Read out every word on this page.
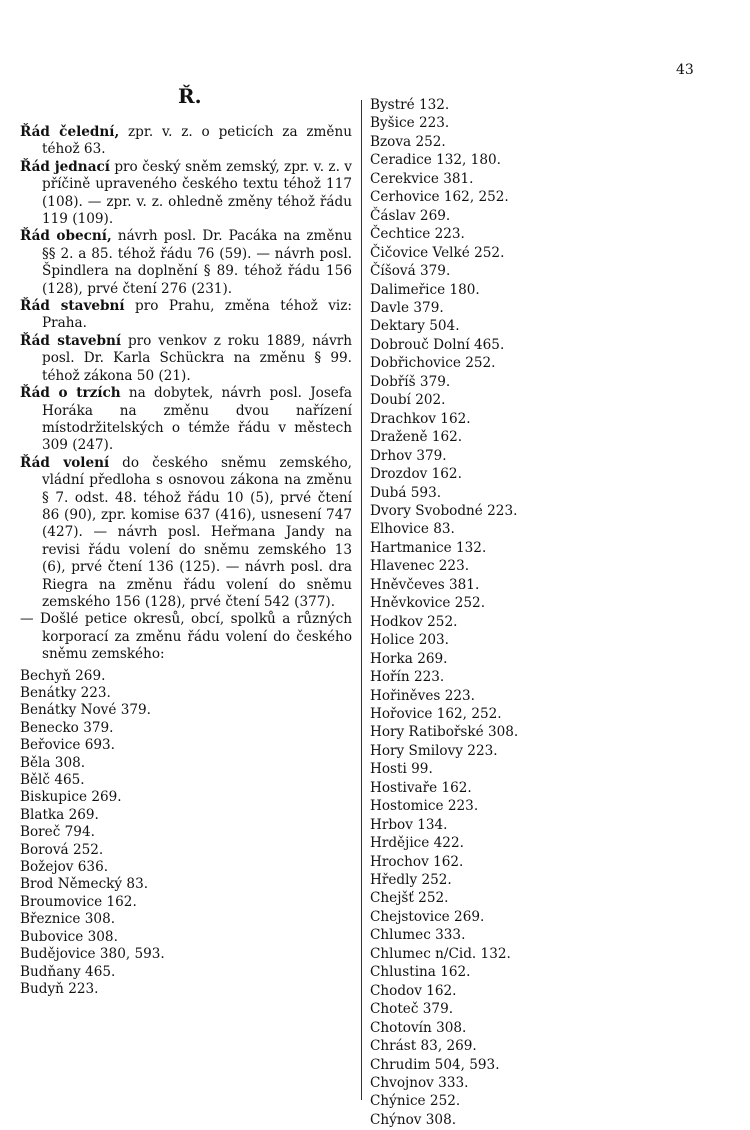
43
Ř.

Řád čelední, zpr. v. z. o peticích za změnu téhož 63.

Řád jednací pro český sněm zemský, zpr. v. z. v příčině upraveného českého textu téhož 117 (108). — zpr. v. z. ohledně změny téhož řádu 119 (109).

Řád obecní, návrh posl. Dr. Pacáka na změnu §§ 2. a 85. téhož řádu 76 (59). — návrh posl. Špindlera na doplnění § 89. téhož řádu 156 (128), prvé čtení 276 (231).

Řád stavební pro Prahu, změna téhož viz: Praha.

Řád stavební pro venkov z roku 1889, návrh posl. Dr. Karla Schückra na změnu § 99. téhož zákona 50 (21).

Řád o trzích na dobytek, návrh posl. Josefa Horáka na změnu dvou nařízení místodržitelských o témže řádu v městech 309 (247).

Řád volení do českého sněmu zemského, vládní předloha s osnovou zákona na změnu § 7. odst. 48. téhož řádu 10 (5), prvé čtení 86 (90), zpr. komise 637 (416), usnesení 747 (427). — návrh posl. Heřmana Jandy na revisi řádu volení do sněmu zemského 13 (6), prvé čtení 136 (125). — návrh posl. dra Riegra na změnu řádu volení do sněmu zemského 156 (128), prvé čtení 542 (377).

— Došlé petice okresů, obcí, spolků a různých korporací za změnu řádu volení do českého sněmu zemského:

Bechyň 269.
Benátky 223.
Benátky Nové 379.
Benecko 379.
Beřovice 693.
Běla 308.
Bělč 465.
Biskupice 269.
Blatka 269.
Boreč 794.
Borová 252.
Božejov 636.
Brod Německý 83.
Broumovice 162.
Březnice 308.
Bubovice 308.
Budějovice 380, 593.
Budňany 465.
Budyň 223.
Bystré 132.
Byšice 223.
Bzova 252.
Ceradice 132, 180.
Cerekvice 381.
Cerhovice 162, 252.
Čáslav 269.
Čechtice 223.
Čičovice Velké 252.
Číšová 379.
Dalimeřice 180.
Davle 379.
Dektary 504.
Dobrouč Dolní 465.
Dobřichovice 252.
Dobříš 379.
Doubí 202.
Drachkov 162.
Draženě 162.
Drhov 379.
Drozdov 162.
Dubá 593.
Dvory Svobodné 223.
Elhovice 83.
Hartmanice 132.
Hlavenec 223.
Hněvčeves 381.
Hněvkovice 252.
Hodkov 252.
Holice 203.
Horka 269.
Hořín 223.
Hořiněves 223.
Hořovice 162, 252.
Hory Ratibořské 308.
Hory Smilovy 223.
Hosti 99.
Hostivaře 162.
Hostomice 223.
Hrbov 134.
Hrdějice 422.
Hrochov 162.
Hředly 252.
Chejšť 252.
Chejstovice 269.
Chlumec 333.
Chlumec n/Cid. 132.
Chlustina 162.
Chodov 162.
Choteč 379.
Chotovín 308.
Chrást 83, 269.
Chrudim 504, 593.
Chvojnov 333.
Chýnice 252.
Chýnov 308.
